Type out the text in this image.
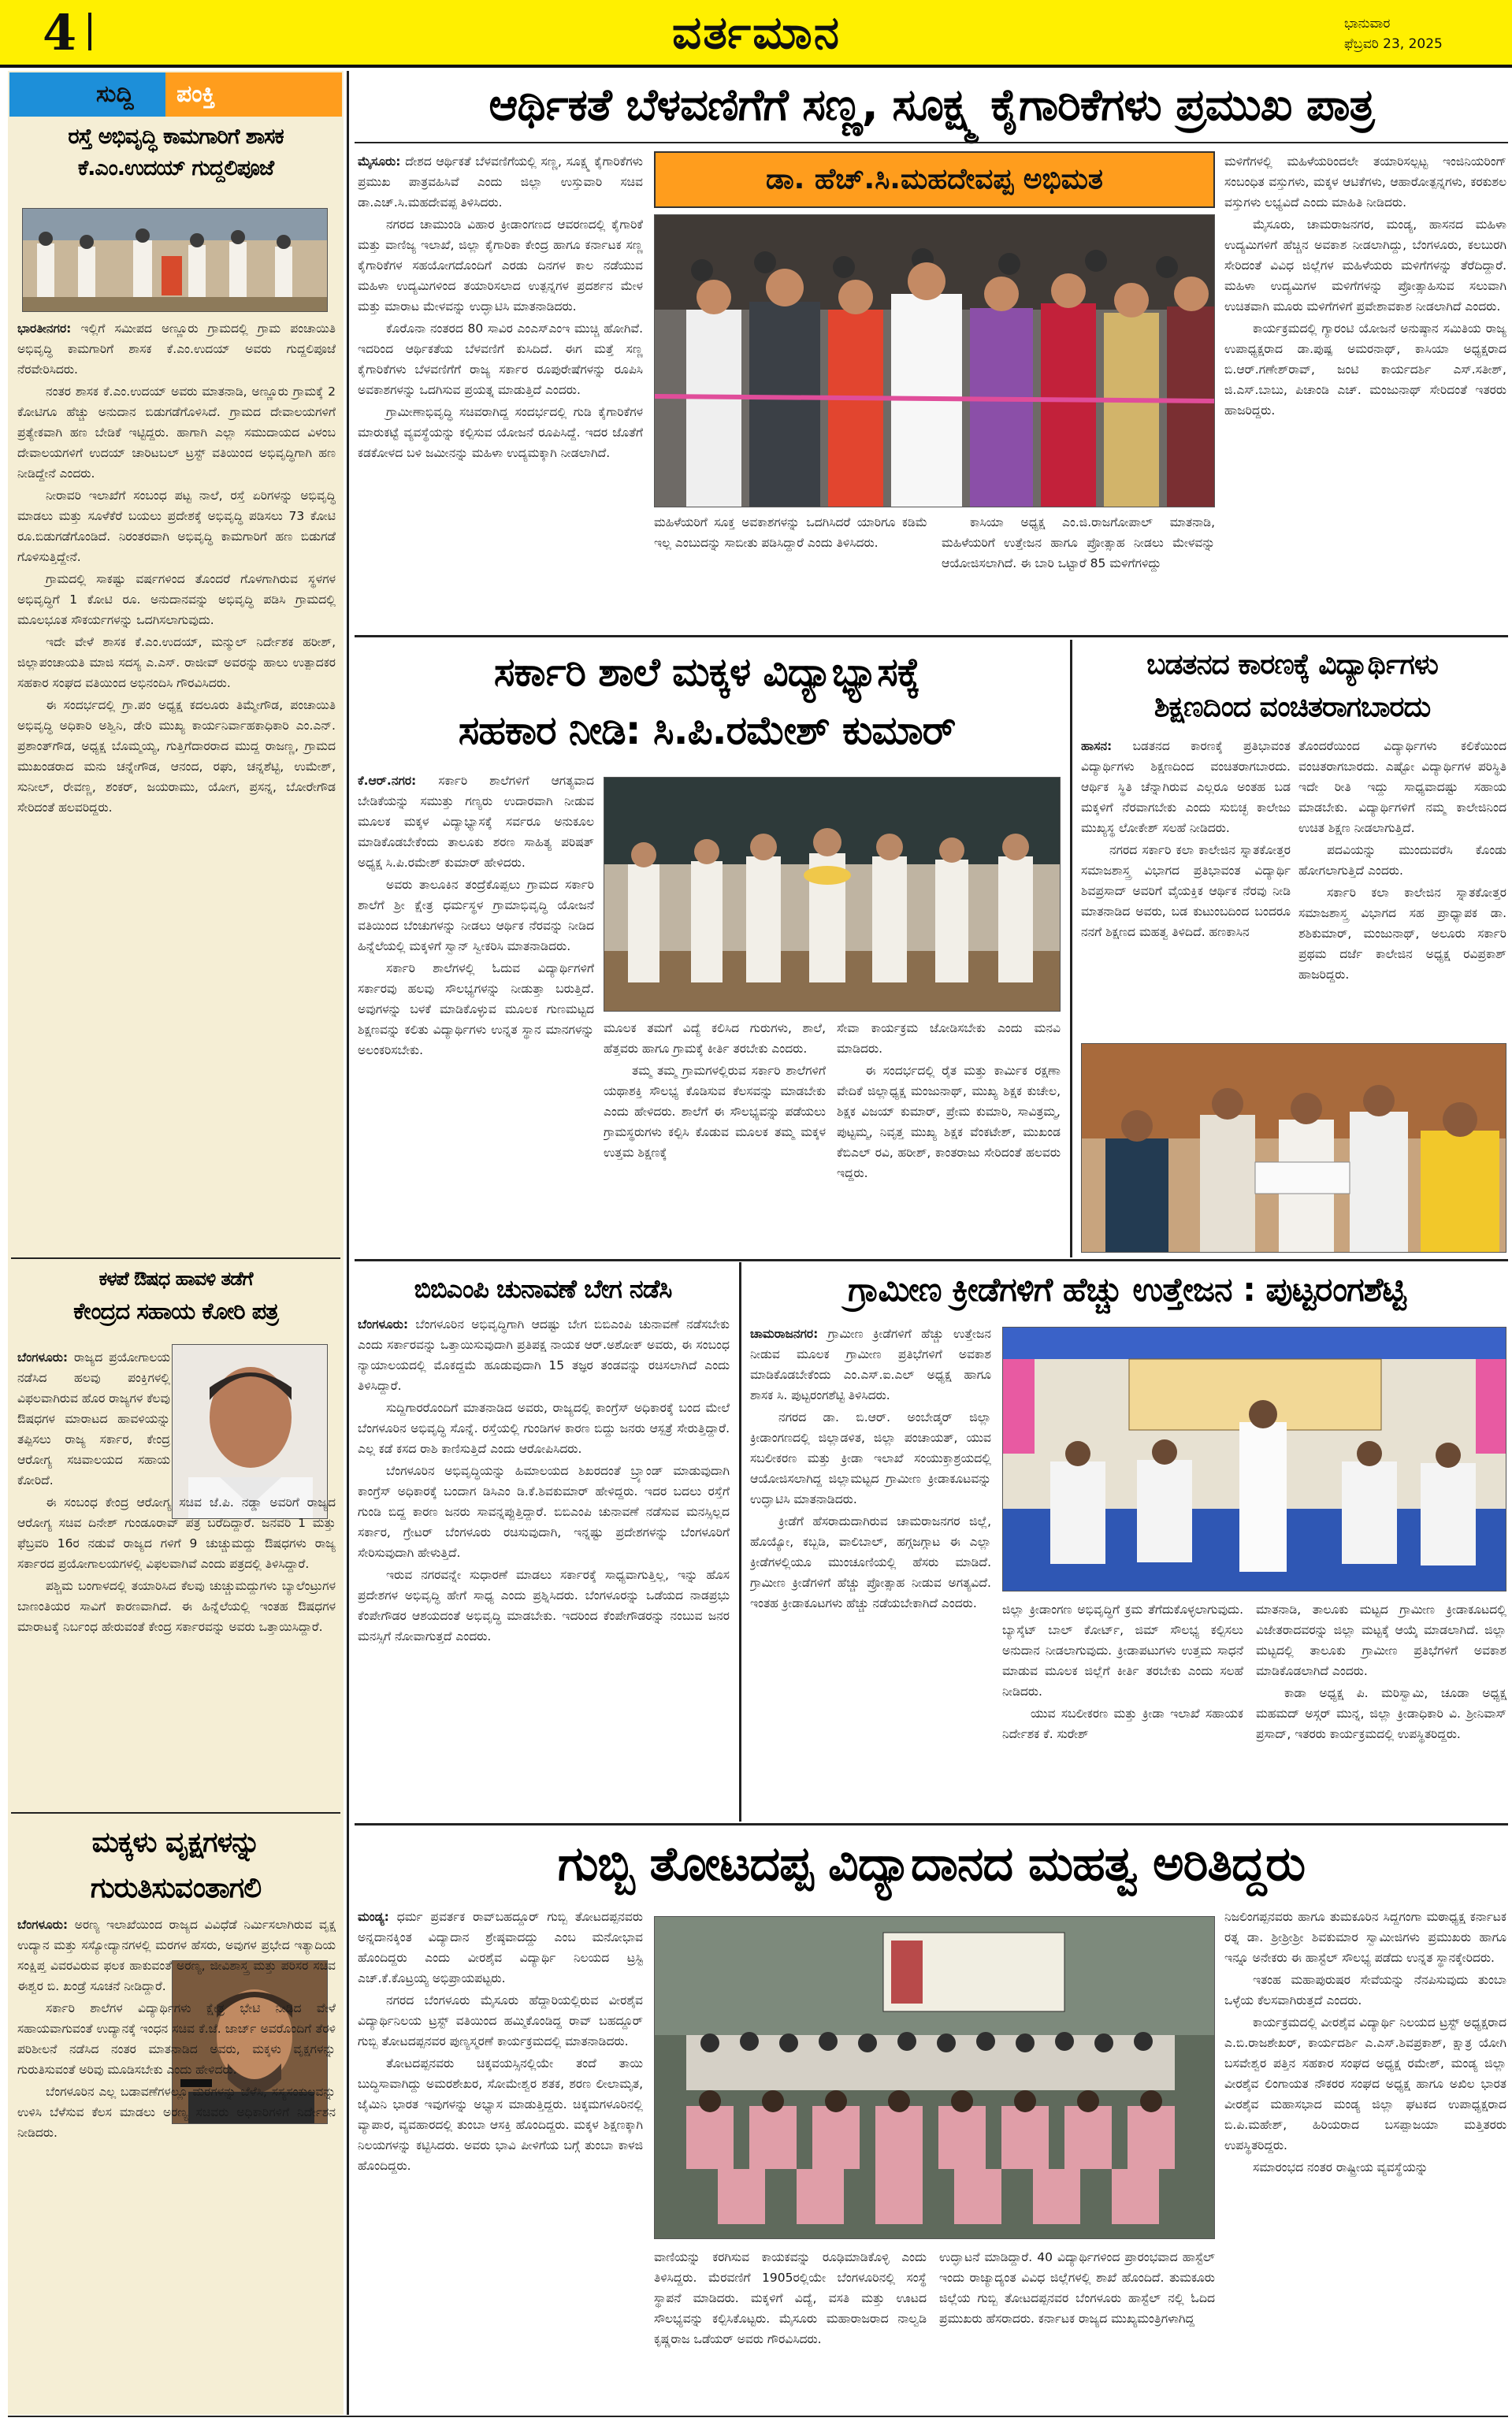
4	ವರ್ತಮಾನ	ಭಾನುವಾರ
ಫೆಬ್ರವರಿ 23, 2025
ಸುದ್ದಿ ಪಂಕ್ತಿ
ರಸ್ತೆ ಅಭಿವೃದ್ಧಿ ಕಾಮಗಾರಿಗೆ ಶಾಸಕ ಕೆ.ಎಂ.ಉದಯ್ ಗುದ್ದಲಿಪೂಜೆ

ಭಾರತೀನಗರ: ಇಲ್ಲಿಗೆ ಸಮೀಪದ ಅಣ್ಣೂರು ಗ್ರಾಮದಲ್ಲಿ ಗ್ರಾಮ ಪಂಚಾಯಿತಿ ಅಭಿವೃದ್ಧಿ ಕಾಮಗಾರಿಗೆ ಶಾಸಕ ಕೆ.ಎಂ.ಉದಯ್ ಅವರು ಗುದ್ದಲಿಪೂಜೆ ನೆರವೇರಿಸಿದರು.

ನಂತರ ಶಾಸಕ ಕೆ.ಎಂ.ಉದಯ್ ಅವರು ಮಾತನಾಡಿ, ಅಣ್ಣೂರು ಗ್ರಾಮಕ್ಕೆ 2 ಕೋಟಿಗೂ ಹೆಚ್ಚು ಅನುದಾನ ಬಿಡುಗಡೆಗೊಳಿಸಿದೆ. ಗ್ರಾಮದ ದೇವಾಲಯಗಳಿಗೆ ಪ್ರತ್ಯೇಕವಾಗಿ ಹಣ ಬೇಡಿಕೆ ಇಟ್ಟಿದ್ದರು. ಹಾಗಾಗಿ ಎಲ್ಲಾ ಸಮುದಾಯದ ವಿಳಂಬ ದೇವಾಲಯಗಳಿಗೆ ಉದಯ್ ಚಾರಿಟಬಲ್ ಟ್ರಸ್ಟ್ ವತಿಯಿಂದ ಅಭಿವೃದ್ಧಿಗಾಗಿ ಹಣ ನೀಡಿದ್ದೇನೆ ಎಂದರು.

ನೀರಾವರಿ ಇಲಾಖೆಗೆ ಸಂಬಂಧ ಪಟ್ಟ ನಾಲೆ, ರಸ್ತೆ ಏರಿಗಳನ್ನು ಅಭಿವೃದ್ಧಿ ಮಾಡಲು ಮತ್ತು ಸೂಳೆಕೆರೆ ಬಯಲು ಪ್ರದೇಶಕ್ಕೆ ಅಭಿವೃದ್ಧಿ ಪಡಿಸಲು 73 ಕೋಟಿ ರೂ.ಬಿಡುಗಡೆಗೊಂಡಿದೆ. ನಿರಂತರವಾಗಿ ಅಭಿವೃದ್ಧಿ ಕಾಮಗಾರಿಗೆ ಹಣ ಬಿಡುಗಡೆ ಗೊಳಿಸುತ್ತಿದ್ದೇನೆ.

ಗ್ರಾಮದಲ್ಲಿ ಸಾಕಷ್ಟು ವರ್ಷಗಳಿಂದ ತೊಂದರೆ ಗೊಳಗಾಗಿರುವ ಸ್ಥಳಗಳ ಅಭಿವೃದ್ಧಿಗೆ 1 ಕೋಟಿ ರೂ. ಅನುದಾನವನ್ನು ಅಭಿವೃದ್ಧಿ ಪಡಿಸಿ ಗ್ರಾಮದಲ್ಲಿ ಮೂಲಭೂತ ಸೌಕರ್ಯಗಳನ್ನು ಒದಗಿಸಲಾಗುವುದು.

ಇದೇ ವೇಳೆ ಶಾಸಕ ಕೆ.ಎಂ.ಉದಯ್, ಮನ್ಮುಲ್ ನಿರ್ದೇಶಕ ಹರೀಶ್, ಜಿಲ್ಲಾಪಂಚಾಯತಿ ಮಾಜಿ ಸದಸ್ಯ ಎ.ಎಸ್. ರಾಜೀವ್ ಅವರನ್ನು ಹಾಲು ಉತ್ಪಾದಕರ ಸಹಕಾರ ಸಂಘದ ವತಿಯಿಂದ ಅಭಿನಂದಿಸಿ ಗೌರವಿಸಿದರು.

ಈ ಸಂದರ್ಭದಲ್ಲಿ ಗ್ರಾ.ಪಂ ಅಧ್ಯಕ್ಷ ಕದಲೂರು ತಿಮ್ಮೇಗೌಡ, ಪಂಚಾಯಿತಿ ಅಭಿವೃದ್ಧಿ ಅಧಿಕಾರಿ ಅಶ್ವಿನಿ, ಡೇರಿ ಮುಖ್ಯ ಕಾರ್ಯನಿರ್ವಾಹಕಾಧಿಕಾರಿ ಎಂ.ಎನ್. ಪ್ರಶಾಂತ್‌ಗೌಡ, ಅಧ್ಯಕ್ಷ ಬೊಮ್ಮಯ್ಯ, ಗುತ್ತಿಗೆದಾರರಾದ ಮುದ್ದ ರಾಜಣ್ಣ, ಗ್ರಾಮದ ಮುಖಂಡರಾದ ಮನು ಚನ್ನೇಗೌಡ, ಆನಂದ, ರಘು, ಚನ್ನಶೆಟ್ಟಿ, ಉಮೇಶ್, ಸುನೀಲ್, ರೇವಣ್ಣ, ಶಂಕರ್, ಜಯರಾಮು, ಯೋಗ, ಪ್ರಸನ್ನ, ಬೋರೇಗೌಡ ಸೇರಿದಂತೆ ಹಲವರಿದ್ದರು.

ಕಳಪೆ ಔಷಧ ಹಾವಳಿ ತಡೆಗೆ
ಕೇಂದ್ರದ ಸಹಾಯ ಕೋರಿ ಪತ್ರ

ಬೆಂಗಳೂರು: ರಾಜ್ಯದ ಪ್ರಯೋಗಾಲಯ ನಡೆಸಿದ ಹಲವು ಪಂಕ್ತಿಗಳಲ್ಲಿ ವಿಫಲವಾಗಿರುವ ಹೊರ ರಾಜ್ಯಗಳ ಕೆಲವು ಔಷಧಗಳ ಮಾರಾಟದ ಹಾವಳಿಯನ್ನು ತಪ್ಪಿಸಲು ರಾಜ್ಯ ಸರ್ಕಾರ, ಕೇಂದ್ರ ಆರೋಗ್ಯ ಸಚಿವಾಲಯದ ಸಹಾಯ ಕೋರಿದೆ.

ಈ ಸಂಬಂಧ ಕೇಂದ್ರ ಆರೋಗ್ಯ ಸಚಿವ ಜೆ.ಪಿ. ನಡ್ಡಾ ಅವರಿಗೆ ರಾಜ್ಯದ ಆರೋಗ್ಯ ಸಚಿವ ದಿನೇಶ್ ಗುಂಡೂರಾವ್ ಪತ್ರ ಬರೆದಿದ್ದಾರೆ. ಜನವರಿ 1 ಮತ್ತು ಫೆಬ್ರವರಿ 16ರ ನಡುವೆ ರಾಜ್ಯದ ಗಳಿಗೆ 9 ಚುಚ್ಚುಮದ್ದು ಔಷಧಗಳು ರಾಜ್ಯ ಸರ್ಕಾರದ ಪ್ರಯೋಗಾಲಯಗಳಲ್ಲಿ ವಿಫಲವಾಗಿವೆ ಎಂದು ಪತ್ರದಲ್ಲಿ ತಿಳಿಸಿದ್ದಾರೆ.

ಪಶ್ಚಿಮ ಬಂಗಾಳದಲ್ಲಿ ತಯಾರಿಸಿದ ಕೆಲವು ಚುಚ್ಚುಮದ್ದುಗಳು ಬ್ಯಾಲೆಂಟ್ರುಗಳ ಬಾಣಂತಿಯರ ಸಾವಿಗೆ ಕಾರಣವಾಗಿದೆ. ಈ ಹಿನ್ನೆಲೆಯಲ್ಲಿ ಇಂತಹ ಔಷಧಗಳ ಮಾರಾಟಕ್ಕೆ ನಿರ್ಬಂಧ ಹೇರುವಂತೆ ಕೇಂದ್ರ ಸರ್ಕಾರವನ್ನು ಅವರು ಒತ್ತಾಯಿಸಿದ್ದಾರೆ.

ಮಕ್ಕಳು ವೃಕ್ಷಗಳನ್ನು ಗುರುತಿಸುವಂತಾಗಲಿ

ಬೆಂಗಳೂರು: ಅರಣ್ಯ ಇಲಾಖೆಯಿಂದ ರಾಜ್ಯದ ವಿವಿಧೆಡೆ ನಿರ್ಮಿಸಲಾಗಿರುವ ವೃಕ್ಷ ಉದ್ಯಾನ ಮತ್ತು ಸಸ್ಯೋದ್ಯಾನಗಳಲ್ಲಿ ಮರಗಳ ಹೆಸರು, ಅವುಗಳ ಪ್ರಭೇದ ಇತ್ಯಾದಿಯ ಸಂಕ್ಷಿಪ್ತ ವಿವರವಿರುವ ಫಲಕ ಹಾಕುವಂತೆ ಅರಣ್ಯ, ಜೀವಿಶಾಸ್ತ್ರ ಮತ್ತು ಪರಿಸರ ಸಚಿವ ಈಶ್ವರ ಬಿ. ಖಂಡ್ರೆ ಸೂಚನೆ ನೀಡಿದ್ದಾರೆ.

ಸರ್ಕಾರಿ ಶಾಲೆಗಳ ವಿದ್ಯಾರ್ಥಿಗಳು ಕ್ಷೇತ್ರ ಭೇಟಿ ನೀಡಿದ ವೇಳೆ ಸಹಾಯವಾಗುವಂತೆ ಉದ್ಯಾನಕ್ಕೆ ಇಂಧನ ಸಚಿವ ಕೆ.ಜೆ. ಜಾರ್ಜ್ ಅವರೊಂದಿಗೆ ತೆರಳಿ ಪರಿಶೀಲನೆ ನಡೆಸಿದ ನಂತರ ಮಾತನಾಡಿದ ಅವರು, ಮಕ್ಕಳು ವೃಕ್ಷಗಳನ್ನು ಗುರುತಿಸುವಂತೆ ಅರಿವು ಮೂಡಿಸಬೇಕು ಎಂದು ಹೇಳಿದರು.

ಬೆಂಗಳೂರಿನ ಎಲ್ಲ ಬಡಾವಣೆಗಳಲ್ಲೂ ಮರಗಳನ್ನು ಬೆಳೆಸಿ, ಸಸ್ಯಸಂಕುಲವನ್ನು ಉಳಿಸಿ ಬೆಳೆಸುವ ಕೆಲಸ ಮಾಡಲು ಅರಣ್ಯ ಸಚಿವರು ಅಧಿಕಾರಿಗಳಿಗೆ ನಿರ್ದೇಶನ ನೀಡಿದರು.

ಆರ್ಥಿಕತೆ ಬೆಳವಣಿಗೆಗೆ ಸಣ್ಣ, ಸೂಕ್ಷ್ಮ ಕೈಗಾರಿಕೆಗಳು ಪ್ರಮುಖ ಪಾತ್ರ
ಡಾ. ಹೆಚ್.ಸಿ.ಮಹದೇವಪ್ಪ ಅಭಿಮತ

ಮೈಸೂರು: ದೇಶದ ಆರ್ಥಿಕತೆ ಬೆಳವಣಿಗೆಯಲ್ಲಿ ಸಣ್ಣ, ಸೂಕ್ಷ್ಮ ಕೈಗಾರಿಕೆಗಳು ಪ್ರಮುಖ ಪಾತ್ರವಹಿಸಿವೆ ಎಂದು ಜಿಲ್ಲಾ ಉಸ್ತುವಾರಿ ಸಚಿವ ಡಾ.ಎಚ್.ಸಿ.ಮಹದೇವಪ್ಪ ತಿಳಿಸಿದರು.

ನಗರದ ಚಾಮುಂಡಿ ವಿಹಾರ ಕ್ರೀಡಾಂಗಣದ ಆವರಣದಲ್ಲಿ ಕೈಗಾರಿಕೆ ಮತ್ತು ವಾಣಿಜ್ಯ ಇಲಾಖೆ, ಜಿಲ್ಲಾ ಕೈಗಾರಿಕಾ ಕೇಂದ್ರ ಹಾಗೂ ಕರ್ನಾಟಕ ಸಣ್ಣ ಕೈಗಾರಿಕೆಗಳ ಸಹಯೋಗದೊಂದಿಗೆ ಎರಡು ದಿನಗಳ ಕಾಲ ನಡೆಯುವ ಮಹಿಳಾ ಉದ್ಯಮಿಗಳಿಂದ ತಯಾರಿಸಲಾದ ಉತ್ಪನ್ನಗಳ ಪ್ರದರ್ಶನ ಮೇಳ ಮತ್ತು ಮಾರಾಟ ಮೇಳವನ್ನು ಉದ್ಘಾಟಿಸಿ ಮಾತನಾಡಿದರು.

ಕೊರೊನಾ ನಂತರದ 80 ಸಾವಿರ ಎಂಎಸ್‌ಎಂಇ ಮುಚ್ಚಿ ಹೋಗಿವೆ. ಇದರಿಂದ ಆರ್ಥಿಕತೆಯ ಬೆಳವಣಿಗೆ ಕುಸಿದಿದೆ. ಈಗ ಮತ್ತೆ ಸಣ್ಣ ಕೈಗಾರಿಕೆಗಳು ಬೆಳವಣಿಗೆಗೆ ರಾಜ್ಯ ಸರ್ಕಾರ ರೂಪುರೇಷೆಗಳನ್ನು ರೂಪಿಸಿ ಅವಕಾಶಗಳನ್ನು ಒದಗಿಸುವ ಪ್ರಯತ್ನ ಮಾಡುತ್ತಿದೆ ಎಂದರು.

ಗ್ರಾಮೀಣಾಭಿವೃದ್ಧಿ ಸಚಿವರಾಗಿದ್ದ ಸಂದರ್ಭದಲ್ಲಿ ಗುಡಿ ಕೈಗಾರಿಕೆಗಳ ಮಾರುಕಟ್ಟೆ ವ್ಯವಸ್ಥೆಯನ್ನು ಕಲ್ಪಿಸುವ ಯೋಜನೆ ರೂಪಿಸಿದ್ದೆ. ಇದರ ಜೊತೆಗೆ ಕಡಕೋಳದ ಬಳಿ ಜಮೀನನ್ನು ಮಹಿಳಾ ಉದ್ಯಮಕ್ಕಾಗಿ ನೀಡಲಾಗಿದೆ.

ಮಹಿಳೆಯರಿಗೆ ಸೂಕ್ತ ಅವಕಾಶಗಳನ್ನು ಒದಗಿಸಿದರೆ ಯಾರಿಗೂ ಕಡಿಮೆ ಇಲ್ಲ ಎಂಬುದನ್ನು ಸಾಬೀತು ಪಡಿಸಿದ್ದಾರೆ ಎಂದು ತಿಳಿಸಿದರು.

ಕಾಸಿಯಾ ಅಧ್ಯಕ್ಷ ಎಂ.ಜಿ.ರಾಜಗೋಪಾಲ್ ಮಾತನಾಡಿ, ಮಹಿಳೆಯರಿಗೆ ಉತ್ತೇಜನ ಹಾಗೂ ಪ್ರೋತ್ಸಾಹ ನೀಡಲು ಮೇಳವನ್ನು ಆಯೋಜಿಸಲಾಗಿದೆ. ಈ ಬಾರಿ ಒಟ್ಟಾರೆ 85 ಮಳಿಗೆಗಳಿದ್ದು

ಮಳಿಗೆಗಳಲ್ಲಿ ಮಹಿಳೆಯರಿಂದಲೇ ತಯಾರಿಸಲ್ಪಟ್ಟ ಇಂಜಿನಿಯರಿಂಗ್ ಸಂಬಂಧಿತ ವಸ್ತುಗಳು, ಮಕ್ಕಳ ಆಟಿಕೆಗಳು, ಆಹಾರೋತ್ಪನ್ನಗಳು, ಕರಕುಶಲ ವಸ್ತುಗಳು ಲಭ್ಯವಿದೆ ಎಂದು ಮಾಹಿತಿ ನೀಡಿದರು.

ಮೈಸೂರು, ಚಾಮರಾಜನಗರ, ಮಂಡ್ಯ, ಹಾಸನದ ಮಹಿಳಾ ಉದ್ಯಮಿಗಳಿಗೆ ಹೆಚ್ಚಿನ ಅವಕಾಶ ನೀಡಲಾಗಿದ್ದು, ಬೆಂಗಳೂರು, ಕಲಬುರಗಿ ಸೇರಿದಂತೆ ವಿವಿಧ ಜಿಲ್ಲೆಗಳ ಮಹಿಳೆಯರು ಮಳಿಗೆಗಳನ್ನು ತೆರೆದಿದ್ದಾರೆ. ಮಹಿಳಾ ಉದ್ಯಮಿಗಳ ಮಳಿಗೆಗಳನ್ನು ಪ್ರೋತ್ಸಾಹಿಸುವ ಸಲುವಾಗಿ ಉಚಿತವಾಗಿ ಮೂರು ಮಳಿಗೆಗಳಿಗೆ ಪ್ರವೇಶಾವಕಾಶ ನೀಡಲಾಗಿದೆ ಎಂದರು.

ಕಾರ್ಯಕ್ರಮದಲ್ಲಿ ಗ್ಯಾರಂಟಿ ಯೋಜನೆ ಅನುಷ್ಠಾನ ಸಮಿತಿಯ ರಾಜ್ಯ ಉಪಾಧ್ಯಕ್ಷರಾದ ಡಾ.ಪುಷ್ಪ ಅಮರನಾಥ್, ಕಾಸಿಯಾ ಅಧ್ಯಕ್ಷರಾದ ಬಿ.ಆರ್.ಗಣೇಶ್‌ರಾವ್, ಜಂಟಿ ಕಾರ್ಯದರ್ಶಿ ಎಸ್.ಸತೀಶ್, ಜಿ.ಎಸ್.ಬಾಬು, ಪಿಚಾಂಡಿ ಎಚ್. ಮಂಜುನಾಥ್ ಸೇರಿದಂತೆ ಇತರರು ಹಾಜರಿದ್ದರು.

ಸರ್ಕಾರಿ ಶಾಲೆ ಮಕ್ಕಳ ವಿದ್ಯಾಭ್ಯಾಸಕ್ಕೆ
ಸಹಕಾರ ನೀಡಿ: ಸಿ.ಪಿ.ರಮೇಶ್ ಕುಮಾರ್

ಕೆ.ಆರ್.ನಗರ: ಸರ್ಕಾರಿ ಶಾಲೆಗಳಿಗೆ ಆಗತ್ಯವಾದ ಬೇಡಿಕೆಯನ್ನು ಸಮುತ್ತು ಗಣ್ಯರು ಉದಾರವಾಗಿ ನೀಡುವ ಮೂಲಕ ಮಕ್ಕಳ ವಿದ್ಯಾಭ್ಯಾಸಕ್ಕೆ ಸರ್ವರೂ ಅನುಕೂಲ ಮಾಡಿಕೊಡಬೇಕೆಂದು ತಾಲೂಕು ಶರಣ ಸಾಹಿತ್ಯ ಪರಿಷತ್ ಅಧ್ಯಕ್ಷ ಸಿ.ಪಿ.ರಮೇಶ್ ಕುಮಾರ್ ಹೇಳಿದರು.

ಅವರು ತಾಲೂಕಿನ ತಂದ್ರೆಕೊಪ್ಪಲು ಗ್ರಾಮದ ಸರ್ಕಾರಿ ಶಾಲೆಗೆ ಶ್ರೀ ಕ್ಷೇತ್ರ ಧರ್ಮಸ್ಥಳ ಗ್ರಾಮಾಭಿವೃದ್ಧಿ ಯೋಜನೆ ವತಿಯಿಂದ ಬೆಂಚುಗಳನ್ನು ನೀಡಲು ಆರ್ಥಿಕ ನೆರವನ್ನು ನೀಡಿದ ಹಿನ್ನೆಲೆಯಲ್ಲಿ ಮಕ್ಕಳಿಗೆ ಸ್ವಾನ್ ಸ್ವೀಕರಿಸಿ ಮಾತನಾಡಿದರು.

ಸರ್ಕಾರಿ ಶಾಲೆಗಳಲ್ಲಿ ಓದುವ ವಿದ್ಯಾರ್ಥಿಗಳಿಗೆ ಸರ್ಕಾರವು ಹಲವು ಸೌಲಭ್ಯಗಳನ್ನು ನೀಡುತ್ತಾ ಬರುತ್ತಿದೆ. ಅವುಗಳನ್ನು ಬಳಕೆ ಮಾಡಿಕೊಳ್ಳುವ ಮೂಲಕ ಗುಣಮಟ್ಟದ ಶಿಕ್ಷಣವನ್ನು ಕಲಿತು ವಿದ್ಯಾರ್ಥಿಗಳು ಉನ್ನತ ಸ್ಥಾನ ಮಾನಗಳನ್ನು ಅಲಂಕರಿಸಬೇಕು.

ಮೂಲಕ ತಮಗೆ ವಿದ್ಯೆ ಕಲಿಸಿದ ಗುರುಗಳು, ಶಾಲೆ, ಹೆತ್ತವರು ಹಾಗೂ ಗ್ರಾಮಕ್ಕೆ ಕೀರ್ತಿ ತರಬೇಕು ಎಂದರು.

ತಮ್ಮ ತಮ್ಮ ಗ್ರಾಮಗಳಲ್ಲಿರುವ ಸರ್ಕಾರಿ ಶಾಲೆಗಳಿಗೆ ಯಥಾಶಕ್ತಿ ಸೌಲಭ್ಯ ಕೊಡಿಸುವ ಕೆಲಸವನ್ನು ಮಾಡಬೇಕು ಎಂದು ಹೇಳಿದರು. ಶಾಲೆಗೆ ಈ ಸೌಲಭ್ಯವನ್ನು ಪಡೆಯಲು ಗ್ರಾಮಸ್ಥರುಗಳು ಕಲ್ಪಿಸಿ ಕೊಡುವ ಮೂಲಕ ತಮ್ಮ ಮಕ್ಕಳ ಉತ್ತಮ ಶಿಕ್ಷಣಕ್ಕೆ

ಸೇವಾ ಕಾರ್ಯಕ್ರಮ ಜೋಡಿಸಬೇಕು ಎಂದು ಮನವಿ ಮಾಡಿದರು.

ಈ ಸಂದರ್ಭದಲ್ಲಿ ರೈತ ಮತ್ತು ಕಾರ್ಮಿಕ ರಕ್ಷಣಾ ವೇದಿಕೆ ಜಿಲ್ಲಾಧ್ಯಕ್ಷ ಮಂಜುನಾಥ್, ಮುಖ್ಯ ಶಿಕ್ಷಕ ಕುಚೇಲ, ಶಿಕ್ಷಕ ವಿಜಯ್ ಕುಮಾರ್, ಪ್ರೇಮ ಕುಮಾರಿ, ಸಾವಿತ್ರಮ್ಮ, ಪುಟ್ಟಮ್ಮ, ನಿವೃತ್ತ ಮುಖ್ಯ ಶಿಕ್ಷಕ ವೆಂಕಟೇಶ್, ಮುಖಂಡ ಕೆಬಿಎಲ್ ರವಿ, ಹರೀಶ್, ಕಾಂತರಾಜು ಸೇರಿದಂತೆ ಹಲವರು ಇದ್ದರು.

ಬಡತನದ ಕಾರಣಕ್ಕೆ ವಿದ್ಯಾರ್ಥಿಗಳು
ಶಿಕ್ಷಣದಿಂದ ವಂಚಿತರಾಗಬಾರದು

ಹಾಸನ: ಬಡತನದ ಕಾರಣಕ್ಕೆ ಪ್ರತಿಭಾವಂತ ವಿದ್ಯಾರ್ಥಿಗಳು ಶಿಕ್ಷಣದಿಂದ ವಂಚಿತರಾಗಬಾರದು. ಆರ್ಥಿಕ ಸ್ಥಿತಿ ಚೆನ್ನಾಗಿರುವ ಎಲ್ಲರೂ ಅಂತಹ ಬಡ ಮಕ್ಕಳಿಗೆ ನೆರವಾಗಬೇಕು ಎಂದು ಸುಬಿಚ್ಛ ಕಾಲೇಜು ಮುಖ್ಯಸ್ಥ ಲೋಕೇಶ್ ಸಲಹೆ ನೀಡಿದರು.

ನಗರದ ಸರ್ಕಾರಿ ಕಲಾ ಕಾಲೇಜಿನ ಸ್ನಾತಕೋತ್ತರ ಸಮಾಜಶಾಸ್ತ್ರ ವಿಭಾಗದ ಪ್ರತಿಭಾವಂತ ವಿದ್ಯಾರ್ಥಿ ಶಿವಪ್ರಸಾದ್ ಅವರಿಗೆ ವೈಯಕ್ತಿಕ ಆರ್ಥಿಕ ನೆರವು ನೀಡಿ ಮಾತನಾಡಿದ ಅವರು, ಬಡ ಕುಟುಂಬದಿಂದ ಬಂದರೂ ನನಗೆ ಶಿಕ್ಷಣದ ಮಹತ್ವ ತಿಳಿದಿದೆ. ಹಣಕಾಸಿನ

ತೊಂದರೆಯಿಂದ ವಿದ್ಯಾರ್ಥಿಗಳು ಕಲಿಕೆಯಿಂದ ವಂಚಿತರಾಗಬಾರದು. ಎಷ್ಟೋ ವಿದ್ಯಾರ್ಥಿಗಳ ಪರಿಸ್ಥಿತಿ ಇದೇ ರೀತಿ ಇದ್ದು ಸಾಧ್ಯವಾದಷ್ಟು ಸಹಾಯ ಮಾಡಬೇಕು. ವಿದ್ಯಾರ್ಥಿಗಳಿಗೆ ನಮ್ಮ ಕಾಲೇಜಿನಿಂದ ಉಚಿತ ಶಿಕ್ಷಣ ನೀಡಲಾಗುತ್ತಿದೆ.

ಪದವಿಯನ್ನು ಮುಂದುವರೆಸಿ ಕೊಂಡು ಹೋಗಲಾಗುತ್ತಿದೆ ಎಂದರು.

ಸರ್ಕಾರಿ ಕಲಾ ಕಾಲೇಜಿನ ಸ್ನಾತಕೋತ್ತರ ಸಮಾಜಶಾಸ್ತ್ರ ವಿಭಾಗದ ಸಹ ಪ್ರಾಧ್ಯಾಪಕ ಡಾ. ಶಶಿಕುಮಾರ್, ಮಂಜುನಾಥ್, ಅಲೂರು ಸರ್ಕಾರಿ ಪ್ರಥಮ ದರ್ಜೆ ಕಾಲೇಜಿನ ಅಧ್ಯಕ್ಷ ರವಿಪ್ರಕಾಶ್ ಹಾಜರಿದ್ದರು.

ಬಿಬಿಎಂಪಿ ಚುನಾವಣೆ ಬೇಗ ನಡೆಸಿ

ಬೆಂಗಳೂರು: ಬೆಂಗಳೂರಿನ ಅಭಿವೃದ್ಧಿಗಾಗಿ ಆದಷ್ಟು ಬೇಗ ಬಿಬಿಎಂಪಿ ಚುನಾವಣೆ ನಡೆಸಬೇಕು ಎಂದು ಸರ್ಕಾರವನ್ನು ಒತ್ತಾಯಿಸುವುದಾಗಿ ಪ್ರತಿಪಕ್ಷ ನಾಯಕ ಆರ್.ಅಶೋಕ್ ಅವರು, ಈ ಸಂಬಂಧ ನ್ಯಾಯಾಲಯದಲ್ಲಿ ಮೊಕದ್ದಮೆ ಹೂಡುವುದಾಗಿ 15 ತಜ್ಞರ ತಂಡವನ್ನು ರಚಿಸಲಾಗಿದೆ ಎಂದು ತಿಳಿಸಿದ್ದಾರೆ.

ಸುದ್ದಿಗಾರರೊಂದಿಗೆ ಮಾತನಾಡಿದ ಅವರು, ರಾಜ್ಯದಲ್ಲಿ ಕಾಂಗ್ರೆಸ್ ಅಧಿಕಾರಕ್ಕೆ ಬಂದ ಮೇಲೆ ಬೆಂಗಳೂರಿನ ಅಭಿವೃದ್ಧಿ ಸೊನ್ನೆ. ರಸ್ತೆಯಲ್ಲಿ ಗುಂಡಿಗಳ ಕಾರಣ ಬಿದ್ದು ಜನರು ಆಸ್ಪತ್ರೆ ಸೇರುತ್ತಿದ್ದಾರೆ. ಎಲ್ಲ ಕಡೆ ಕಸದ ರಾಶಿ ಕಾಣಿಸುತ್ತಿದೆ ಎಂದು ಆರೋಪಿಸಿದರು.

ಬೆಂಗಳೂರಿನ ಅಭಿವೃದ್ಧಿಯನ್ನು ಹಿಮಾಲಯದ ಶಿಖರದಂತೆ ಬ್ರ್ಯಾಂಡ್ ಮಾಡುವುದಾಗಿ ಕಾಂಗ್ರೆಸ್ ಅಧಿಕಾರಕ್ಕೆ ಬಂದಾಗ ಡಿಸಿಎಂ ಡಿ.ಕೆ.ಶಿವಕುಮಾರ್ ಹೇಳಿದ್ದರು. ಇದರ ಬದಲು ರಸ್ತೆಗೆ ಗುಂಡಿ ಬಿದ್ದ ಕಾರಣ ಜನರು ಸಾವನ್ನಪ್ಪುತ್ತಿದ್ದಾರೆ. ಬಿಬಿಎಂಪಿ ಚುನಾವಣೆ ನಡೆಸುವ ಮನಸ್ಸಿಲ್ಲದ ಸರ್ಕಾರ, ಗ್ರೇಟರ್ ಬೆಂಗಳೂರು ರಚಿಸುವುದಾಗಿ, ಇನ್ನಷ್ಟು ಪ್ರದೇಶಗಳನ್ನು ಬೆಂಗಳೂರಿಗೆ ಸೇರಿಸುವುದಾಗಿ ಹೇಳುತ್ತಿದೆ.

ಇರುವ ನಗರವನ್ನೇ ಸುಧಾರಣೆ ಮಾಡಲು ಸರ್ಕಾರಕ್ಕೆ ಸಾಧ್ಯವಾಗುತ್ತಿಲ್ಲ, ಇನ್ನು ಹೊಸ ಪ್ರದೇಶಗಳ ಅಭಿವೃದ್ಧಿ ಹೇಗೆ ಸಾಧ್ಯ ಎಂದು ಪ್ರಶ್ನಿಸಿದರು. ಬೆಂಗಳೂರನ್ನು ಒಡೆಯದ ನಾಡಪ್ರಭು ಕೆಂಪೇಗೌಡರ ಆಶಯದಂತೆ ಅಭಿವೃದ್ಧಿ ಮಾಡಬೇಕು. ಇದರಿಂದ ಕೆಂಪೇಗೌಡರನ್ನು ನಂಬುವ ಜನರ ಮನಸ್ಸಿಗೆ ನೋವಾಗುತ್ತದೆ ಎಂದರು.

ಗ್ರಾಮೀಣ ಕ್ರೀಡೆಗಳಿಗೆ ಹೆಚ್ಚು ಉತ್ತೇಜನ : ಪುಟ್ಟರಂಗಶೆಟ್ಟಿ

ಚಾಮರಾಜನಗರ: ಗ್ರಾಮೀಣ ಕ್ರೀಡೆಗಳಿಗೆ ಹೆಚ್ಚು ಉತ್ತೇಜನ ನೀಡುವ ಮೂಲಕ ಗ್ರಾಮೀಣ ಪ್ರತಿಭೆಗಳಿಗೆ ಅವಕಾಶ ಮಾಡಿಕೊಡಬೇಕೆಂದು ಎಂ.ಎಸ್.ಐ.ಎಲ್ ಅಧ್ಯಕ್ಷ ಹಾಗೂ ಶಾಸಕ ಸಿ. ಪುಟ್ಟರಂಗಶೆಟ್ಟಿ ತಿಳಿಸಿದರು.

ನಗರದ ಡಾ. ಬಿ.ಆರ್. ಅಂಬೇಡ್ಕರ್ ಜಿಲ್ಲಾ ಕ್ರೀಡಾಂಗಣದಲ್ಲಿ ಜಿಲ್ಲಾಡಳಿತ, ಜಿಲ್ಲಾ ಪಂಚಾಯತ್, ಯುವ ಸಬಲೀಕರಣ ಮತ್ತು ಕ್ರೀಡಾ ಇಲಾಖೆ ಸಂಯುಕ್ತಾಶ್ರಯದಲ್ಲಿ ಆಯೋಜಿಸಲಾಗಿದ್ದ ಜಿಲ್ಲಾಮಟ್ಟದ ಗ್ರಾಮೀಣ ಕ್ರೀಡಾಕೂಟವನ್ನು ಉದ್ಘಾಟಿಸಿ ಮಾತನಾಡಿದರು.

ಕ್ರೀಡೆಗೆ ಹೆಸರಾದುದಾಗಿರುವ ಚಾಮರಾಜನಗರ ಜಿಲ್ಲೆ, ಹೊಯ್ಯೋ, ಕಬ್ಬಡಿ, ವಾಲಿಬಾಲ್, ಹಗ್ಗಜಗ್ಗಾಟ ಈ ಎಲ್ಲಾ ಕ್ರೀಡೆಗಳಲ್ಲಿಯೂ ಮುಂಚೂಣಿಯಲ್ಲಿ ಹೆಸರು ಮಾಡಿದೆ. ಗ್ರಾಮೀಣ ಕ್ರೀಡೆಗಳಿಗೆ ಹೆಚ್ಚು ಪ್ರೋತ್ಸಾಹ ನೀಡುವ ಅಗತ್ಯವಿದೆ. ಇಂತಹ ಕ್ರೀಡಾಕೂಟಗಳು ಹೆಚ್ಚು ನಡೆಯಬೇಕಾಗಿದೆ ಎಂದರು.	ಜಿಲ್ಲಾ ಕ್ರೀಡಾಂಗಣ ಅಭಿವೃದ್ಧಿಗೆ ಕ್ರಮ ತೆಗೆದುಕೊಳ್ಳಲಾಗುವುದು. ಬ್ಯಾಸ್ಕೆಟ್ ಬಾಲ್ ಕೋರ್ಟ್, ಜಿಮ್ ಸೌಲಭ್ಯ ಕಲ್ಪಿಸಲು ಅನುದಾನ ನೀಡಲಾಗುವುದು. ಕ್ರೀಡಾಪಟುಗಳು ಉತ್ತಮ ಸಾಧನೆ ಮಾಡುವ ಮೂಲಕ ಜಿಲ್ಲೆಗೆ ಕೀರ್ತಿ ತರಬೇಕು ಎಂದು ಸಲಹೆ ನೀಡಿದರು.

ಯುವ ಸಬಲೀಕರಣ ಮತ್ತು ಕ್ರೀಡಾ ಇಲಾಖೆ ಸಹಾಯಕ ನಿರ್ದೇಶಕ ಕೆ. ಸುರೇಶ್

ಮಾತನಾಡಿ, ತಾಲೂಕು ಮಟ್ಟದ ಗ್ರಾಮೀಣ ಕ್ರೀಡಾಕೂಟದಲ್ಲಿ ವಿಜೇತರಾದವರನ್ನು ಜಿಲ್ಲಾ ಮಟ್ಟಕ್ಕೆ ಆಯ್ಕೆ ಮಾಡಲಾಗಿದೆ. ಜಿಲ್ಲಾ ಮಟ್ಟದಲ್ಲಿ ತಾಲೂಕು ಗ್ರಾಮೀಣ ಪ್ರತಿಭೆಗಳಿಗೆ ಅವಕಾಶ ಮಾಡಿಕೊಡಲಾಗಿದೆ ಎಂದರು.

ಕಾಡಾ ಅಧ್ಯಕ್ಷ ಪಿ. ಮರಿಸ್ವಾಮಿ, ಚೂಡಾ ಅಧ್ಯಕ್ಷ ಮಹಮದ್ ಅಸ್ಗರ್ ಮುನ್ನ, ಜಿಲ್ಲಾ ಕ್ರೀಡಾಧಿಕಾರಿ ವಿ. ಶ್ರೀನಿವಾಸ್ ಪ್ರಸಾದ್, ಇತರರು ಕಾರ್ಯಕ್ರಮದಲ್ಲಿ ಉಪಸ್ಥಿತರಿದ್ದರು.

ಗುಬ್ಬಿ ತೋಟದಪ್ಪ ವಿದ್ಯಾದಾನದ ಮಹತ್ವ ಅರಿತಿದ್ದರು

ಮಂಡ್ಯ: ಧರ್ಮ ಪ್ರವರ್ತಕ ರಾವ್‌ಬಹದ್ದೂರ್ ಗುಬ್ಬಿ ತೋಟದಪ್ಪನವರು ಅನ್ನದಾನಕ್ಕಿಂತ ವಿದ್ಯಾದಾನ ಶ್ರೇಷ್ಠವಾದದ್ದು ಎಂಬ ಮನೋಭಾವ ಹೊಂದಿದ್ದರು ಎಂದು ವೀರಶೈವ ವಿದ್ಯಾರ್ಥಿ ನಿಲಯದ ಟ್ರಸ್ಟಿ ಎಚ್.ಕೆ.ಕೊಟ್ರಯ್ಯ ಅಭಿಪ್ರಾಯಪಟ್ಟರು.

ನಗರದ ಬೆಂಗಳೂರು ಮೈಸೂರು ಹೆದ್ದಾರಿಯಲ್ಲಿರುವ ವೀರಶೈವ ವಿದ್ಯಾರ್ಥಿನಿಲಯ ಟ್ರಸ್ಟ್ ವತಿಯಿಂದ ಹಮ್ಮಿಕೊಂಡಿದ್ದ ರಾವ್ ಬಹದ್ದೂರ್ ಗುಬ್ಬಿ ತೋಟದಪ್ಪನವರ ಪುಣ್ಯಸ್ಮರಣೆ ಕಾರ್ಯಕ್ರಮದಲ್ಲಿ ಮಾತನಾಡಿದರು.

ತೋಟದಪ್ಪನವರು ಚಿಕ್ಕವಯಸ್ಸಿನಲ್ಲಿಯೇ ತಂದೆ ತಾಯಿ ಬುದ್ಧಿಸಾವಾಗಿದ್ದು ಅಮರಶೇಖರ, ಸೋಮೇಶ್ವರ ಶತಕ, ಶರಣ ಲೀಲಾಮೃತ, ಜೈಮಿನಿ ಭಾರತ ಇವುಗಳನ್ನು ಅಭ್ಯಾಸ ಮಾಡುತ್ತಿದ್ದರು. ಚಿಕ್ಕಮಗಳೂರಿನಲ್ಲಿ ವ್ಯಾಪಾರ, ವ್ಯವಹಾರದಲ್ಲಿ ತುಂಬಾ ಆಸಕ್ತಿ ಹೊಂದಿದ್ದರು. ಮಕ್ಕಳ ಶಿಕ್ಷಣಕ್ಕಾಗಿ ನಿಲಯಗಳನ್ನು ಕಟ್ಟಿಸಿದರು. ಅವರು ಭಾವಿ ಪೀಳಿಗೆಯ ಬಗ್ಗೆ ತುಂಬಾ ಕಾಳಜಿ ಹೊಂದಿದ್ದರು.

ವಾಣಿಯನ್ನು ಕರಗಿಸುವ ಕಾಯಕವನ್ನು ರೂಢಿಮಾಡಿಕೊಳ್ಳಿ ಎಂದು ತಿಳಿಸಿದ್ದರು. ಮೆರವಣಿಗೆ 1905ರಲ್ಲಿಯೇ ಬೆಂಗಳೂರಿನಲ್ಲಿ ಸಂಸ್ಥೆ ಸ್ಥಾಪನೆ ಮಾಡಿದರು. ಮಕ್ಕಳಿಗೆ ವಿದ್ಯೆ, ವಸತಿ ಮತ್ತು ಊಟದ ಸೌಲಭ್ಯವನ್ನು ಕಲ್ಪಿಸಿಕೊಟ್ಟರು. ಮೈಸೂರು ಮಹಾರಾಜರಾದ ನಾಲ್ವಡಿ ಕೃಷ್ಣರಾಜ ಒಡೆಯರ್ ಅವರು ಗೌರವಿಸಿದರು.

ಉದ್ಘಾಟನೆ ಮಾಡಿದ್ದಾರೆ. 40 ವಿದ್ಯಾರ್ಥಿಗಳಿಂದ ಪ್ರಾರಂಭವಾದ ಹಾಸ್ಟೆಲ್ ಇಂದು ರಾಜ್ಯಾದ್ಯಂತ ವಿವಿಧ ಜಿಲ್ಲೆಗಳಲ್ಲಿ ಶಾಖೆ ಹೊಂದಿದೆ. ತುಮಕೂರು ಜಿಲ್ಲೆಯ ಗುಬ್ಬಿ ತೋಟದಪ್ಪನವರ ಬೆಂಗಳೂರು ಹಾಸ್ಟೆಲ್ ನಲ್ಲಿ ಓದಿದ ಪ್ರಮುಖರು ಹೆಸರಾದರು. ಕರ್ನಾಟಕ ರಾಜ್ಯದ ಮುಖ್ಯಮಂತ್ರಿಗಳಾಗಿದ್ದ

ನಿಜಲಿಂಗಪ್ಪನವರು ಹಾಗೂ ತುಮಕೂರಿನ ಸಿದ್ದಗಂಗಾ ಮಠಾಧ್ಯಕ್ಷ ಕರ್ನಾಟಕ ರತ್ನ ಡಾ. ಶ್ರೀಶ್ರೀಶ್ರೀ ಶಿವಕುಮಾರ ಸ್ವಾಮೀಜಿಗಳು ಪ್ರಮುಖರು ಹಾಗೂ ಇನ್ನೂ ಅನೇಕರು ಈ ಹಾಸ್ಟೆಲ್ ಸೌಲಭ್ಯ ಪಡೆದು ಉನ್ನತ ಸ್ಥಾನಕ್ಕೇರಿದರು.

ಇತಂಹ ಮಹಾಪುರುಷರ ಸೇವೆಯನ್ನು ನೆನಪಿಸುವುದು ತುಂಬಾ ಒಳ್ಳೆಯ ಕೆಲಸವಾಗಿರುತ್ತದೆ ಎಂದರು.

ಕಾರ್ಯಕ್ರಮದಲ್ಲಿ ವೀರಶೈವ ವಿದ್ಯಾರ್ಥಿ ನಿಲಯದ ಟ್ರಸ್ಟ್ ಅಧ್ಯಕ್ಷರಾದ ಎ.ಬಿ.ರಾಜಶೇಖರ್, ಕಾರ್ಯದರ್ಶಿ ಎ.ಎಸ್.ಶಿವಪ್ರಕಾಶ್, ಕ್ಷಾತ್ರ ಯೋಗಿ ಬಸವೇಶ್ವರ ಪತ್ತಿನ ಸಹಕಾರ ಸಂಘದ ಅಧ್ಯಕ್ಷ ರಮೇಶ್, ಮಂಡ್ಯ ಜಿಲ್ಲಾ ವೀರಶೈವ ಲಿಂಗಾಯತ ನೌಕರರ ಸಂಘದ ಅಧ್ಯಕ್ಷ ಹಾಗೂ ಅಖಿಲ ಭಾರತ ವೀರಶೈವ ಮಹಾಸಭಾದ ಮಂಡ್ಯ ಜಿಲ್ಲಾ ಘಟಕದ ಉಪಾಧ್ಯಕ್ಷರಾದ ಬಿ.ಪಿ.ಮಹೇಶ್, ಹಿರಿಯರಾದ ಬಸಪ್ಪಾಜಯಾ ಮತ್ತಿತರರು ಉಪಸ್ಥಿತರಿದ್ದರು.

ಸಮಾರಂಭದ ನಂತರ ರಾಷ್ಟ್ರೀಯ ವ್ಯವಸ್ಥೆಯನ್ನು
